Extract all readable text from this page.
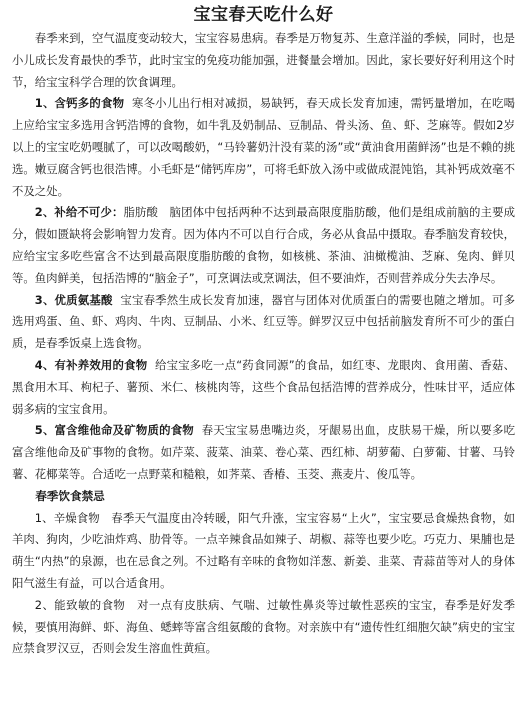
宝宝春天吃什么好

春季来到，空气温度变动较大，宝宝容易患病。春季是万物复苏、生意洋溢的季候，同时，也是小儿成长发育最快的季节，此时宝宝的免疫功能加强，进餐量会增加。因此，家长要好好利用这个时节，给宝宝科学合理的饮食调理。

1、含钙多的食物 寒冬小儿出行相对减损，易缺钙，春天成长发育加速，需钙量增加，在吃喝上应给宝宝多选用含钙浩博的食物，如牛乳及奶制品、豆制品、骨头汤、鱼、虾、芝麻等。假如2岁以上的宝宝吃奶嘎腻了，可以改喝酸奶，“马铃薯奶汁没有菜的汤”或“黄油食用菌鲜汤”也是不赖的挑选。嫩豆腐含钙也很浩博。小毛虾是“储钙库房”，可将毛虾放入汤中或做成混饨馅，其补钙成效毫不不及之处。

2、补给不可少：脂肪酸　脑团体中包括两种不达到最高限度脂肪酸，他们是组成前脑的主要成分，假如匮缺将会影响智力发育。因为体内不可以自行合成，务必从食品中摄取。春季脑发育较快，应给宝宝多吃些富含不达到最高限度脂肪酸的食物，如核桃、茶油、油橄榄油、芝麻、兔肉、鲜贝等。鱼肉鲜美，包括浩博的“脑金子”，可烹调法或烹调法，但不要油炸，否则营养成分失去净尽。

3、优质氨基酸 宝宝春季然生成长发育加速，器官与团体对优质蛋白的需要也随之增加。可多选用鸡蛋、鱼、虾、鸡肉、牛肉、豆制品、小米、红豆等。鲜罗汉豆中包括前脑发育所不可少的蛋白质，是春季饭桌上选食物。

4、有补养效用的食物 给宝宝多吃一点“药食同源”的食品，如红枣、龙眼肉、食用菌、香菇、黑食用木耳、枸杞子、薯预、米仁、核桃肉等，这些个食品包括浩博的营养成分，性味甘平，适应体弱多病的宝宝食用。

5、富含维他命及矿物质的食物 春天宝宝易患嘴边炎，牙龈易出血，皮肤易干燥，所以要多吃富含维他命及矿事物的食物。如芹菜、菠菜、油菜、卷心菜、西红柿、胡萝葡、白萝葡、甘薯、马铃薯、花椰菜等。合适吃一点野菜和糙粮，如荠菜、香椿、玉茭、燕麦片、俊瓜等。

春季饮食禁忌

1、辛燥食物　春季天气温度由冷转暖，阳气升涨，宝宝容易“上火”，宝宝要忌食燥热食物，如羊肉、狗肉，少吃油炸鸡、肋骨等。一点辛辣食品如辣子、胡椒、蒜等也要少吃。巧克力、果脯也是萌生“内热”的泉源，也在忌食之列。不过略有辛味的食物如洋葱、新姜、韭菜、青蒜苗等对人的身体阳气滋生有益，可以合适食用。

2、能致敏的食物　对一点有皮肤病、气喘、过敏性鼻炎等过敏性恶疾的宝宝，春季是好发季候，要慎用海鲜、虾、海鱼、蟋蟀等富含组氨酸的食物。对亲族中有“遗传性红细胞欠缺”病史的宝宝应禁食罗汉豆，否则会发生溶血性黄疸。
